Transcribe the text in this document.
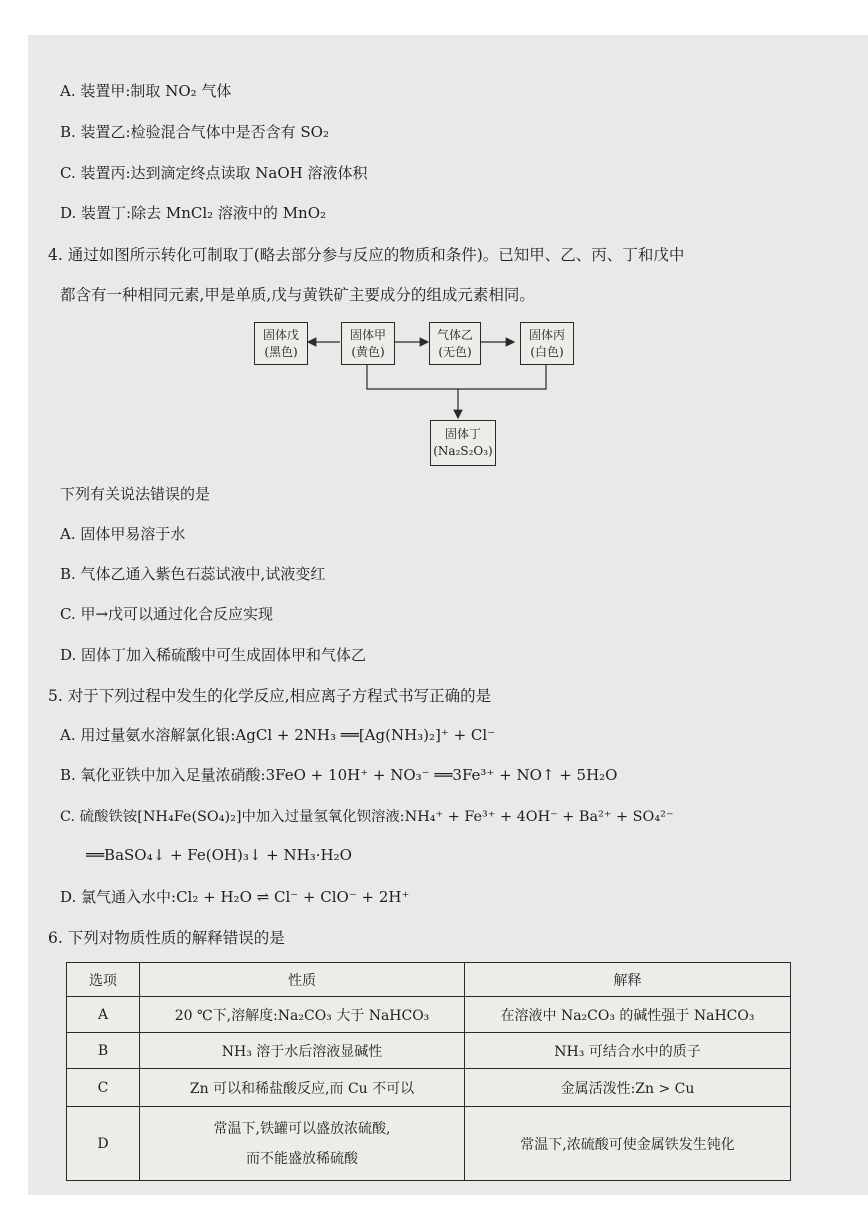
A. 装置甲:制取 NO₂ 气体
B. 装置乙:检验混合气体中是否含有 SO₂
C. 装置丙:达到滴定终点读取 NaOH 溶液体积
D. 装置丁:除去 MnCl₂ 溶液中的 MnO₂
4. 通过如图所示转化可制取丁(略去部分参与反应的物质和条件)。已知甲、乙、丙、丁和戊中
都含有一种相同元素,甲是单质,戊与黄铁矿主要成分的组成元素相同。
固体戊
(黑色)
固体甲
(黄色)
气体乙
(无色)
固体丙
(白色)
固体丁
(Na₂S₂O₃)
下列有关说法错误的是
A. 固体甲易溶于水
B. 气体乙通入紫色石蕊试液中,试液变红
C. 甲→戊可以通过化合反应实现
D. 固体丁加入稀硫酸中可生成固体甲和气体乙
5. 对于下列过程中发生的化学反应,相应离子方程式书写正确的是
A. 用过量氨水溶解氯化银:AgCl + 2NH₃ ══[Ag(NH₃)₂]⁺ + Cl⁻
B. 氧化亚铁中加入足量浓硝酸:3FeO + 10H⁺ + NO₃⁻ ══3Fe³⁺ + NO↑ + 5H₂O
C. 硫酸铁铵[NH₄Fe(SO₄)₂]中加入过量氢氧化钡溶液:NH₄⁺ + Fe³⁺ + 4OH⁻ + Ba²⁺ + SO₄²⁻
══BaSO₄↓ + Fe(OH)₃↓ + NH₃·H₂O
D. 氯气通入水中:Cl₂ + H₂O ⇌ Cl⁻ + ClO⁻ + 2H⁺
6. 下列对物质性质的解释错误的是
选项	性质	解释
A	20 ℃下,溶解度:Na₂CO₃ 大于 NaHCO₃	在溶液中 Na₂CO₃ 的碱性强于 NaHCO₃
B	NH₃ 溶于水后溶液显碱性	NH₃ 可结合水中的质子
C	Zn 可以和稀盐酸反应,而 Cu 不可以	金属活泼性:Zn > Cu
D	常温下,铁罐可以盛放浓硫酸,
而不能盛放稀硫酸	常温下,浓硫酸可使金属铁发生钝化
